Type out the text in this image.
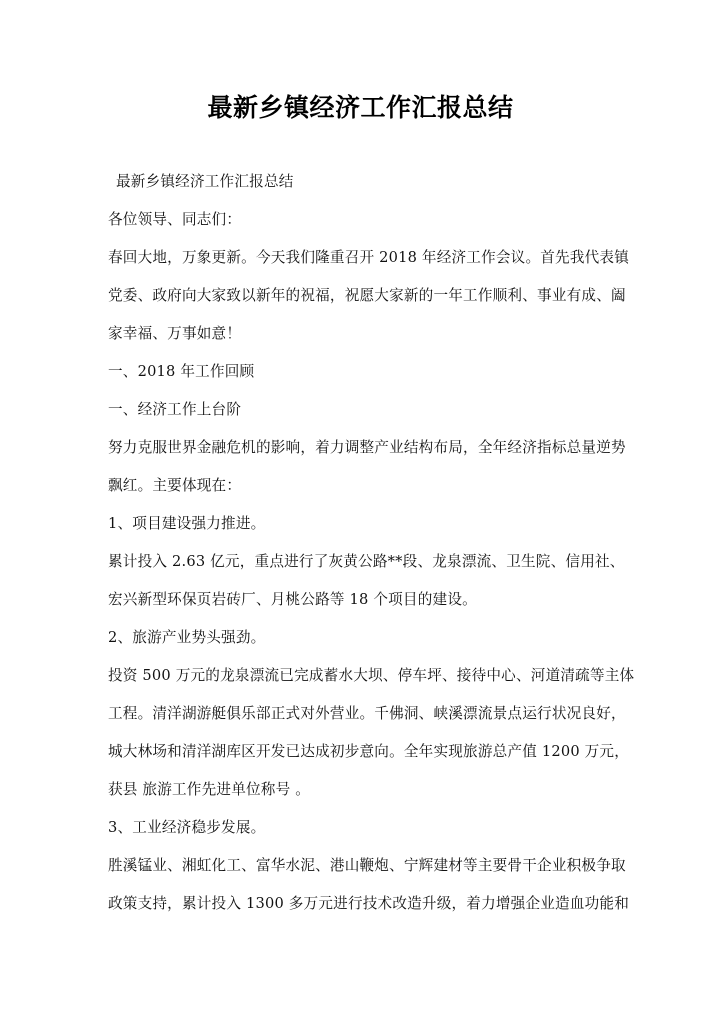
最新乡镇经济工作汇报总结
最新乡镇经济工作汇报总结
各位领导、同志们：
春回大地，万象更新。今天我们隆重召开 2018 年经济工作会议。首先我代表镇
党委、政府向大家致以新年的祝福，祝愿大家新的一年工作顺利、事业有成、阖
家幸福、万事如意！
一、2018 年工作回顾
一、经济工作上台阶
努力克服世界金融危机的影响，着力调整产业结构布局，全年经济指标总量逆势
飘红。主要体现在：
1、项目建设强力推进。
累计投入 2.63 亿元，重点进行了灰黄公路**段、龙泉漂流、卫生院、信用社、
宏兴新型环保页岩砖厂、月桃公路等 18 个项目的建设。
2、旅游产业势头强劲。
投资 500 万元的龙泉漂流已完成蓄水大坝、停车坪、接待中心、河道清疏等主体
工程。清洋湖游艇俱乐部正式对外营业。千佛洞、峡溪漂流景点运行状况良好，
城大林场和清洋湖库区开发已达成初步意向。全年实现旅游总产值 1200 万元，
获县 旅游工作先进单位称号 。
3、工业经济稳步发展。
胜溪锰业、湘虹化工、富华水泥、港山鞭炮、宁辉建材等主要骨干企业积极争取
政策支持，累计投入 1300 多万元进行技术改造升级，着力增强企业造血功能和
